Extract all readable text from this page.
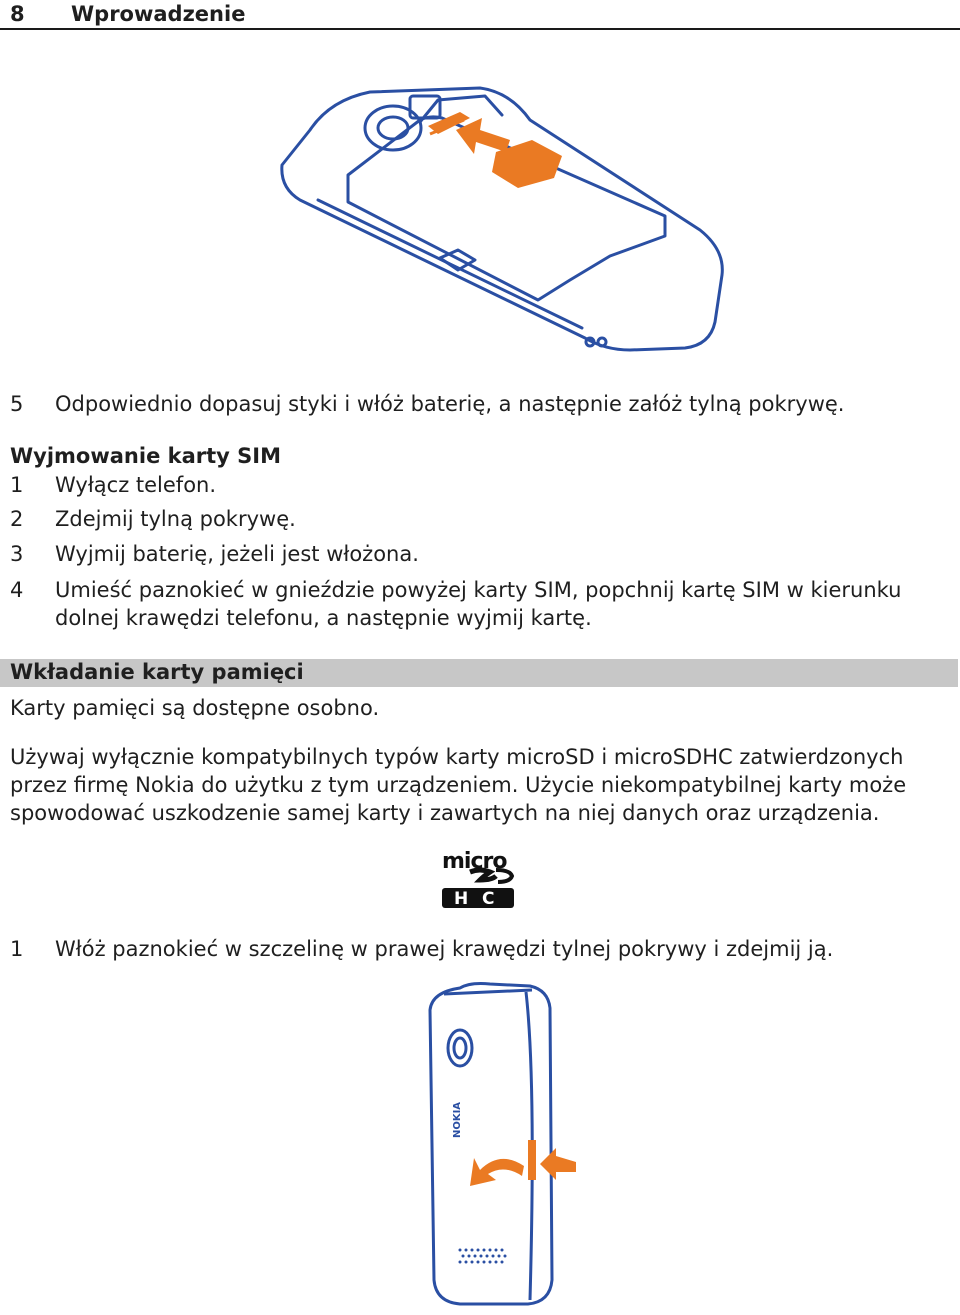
8 Wprowadzenie
5 Odpowiednio dopasuj styki i włóż baterię, a następnie załóż tylną pokrywę.
Wyjmowanie karty SIM
1 Wyłącz telefon.
2 Zdejmij tylną pokrywę.
3 Wyjmij baterię, jeżeli jest włożona.
4 Umieść paznokieć w gnieździe powyżej karty SIM, popchnij kartę SIM w kierunku
dolnej krawędzi telefonu, a następnie wyjmij kartę.
Wkładanie karty pamięci
Karty pamięci są dostępne osobno.
Używaj wyłącznie kompatybilnych typów karty microSD i microSDHC zatwierdzonych
przez firmę Nokia do użytku z tym urządzeniem. Użycie niekompatybilnej karty może
spowodować uszkodzenie samej karty i zawartych na niej danych oraz urządzenia.
micro
H C
1 Włóż paznokieć w szczelinę w prawej krawędzi tylnej pokrywy i zdejmij ją.
NOKIA
